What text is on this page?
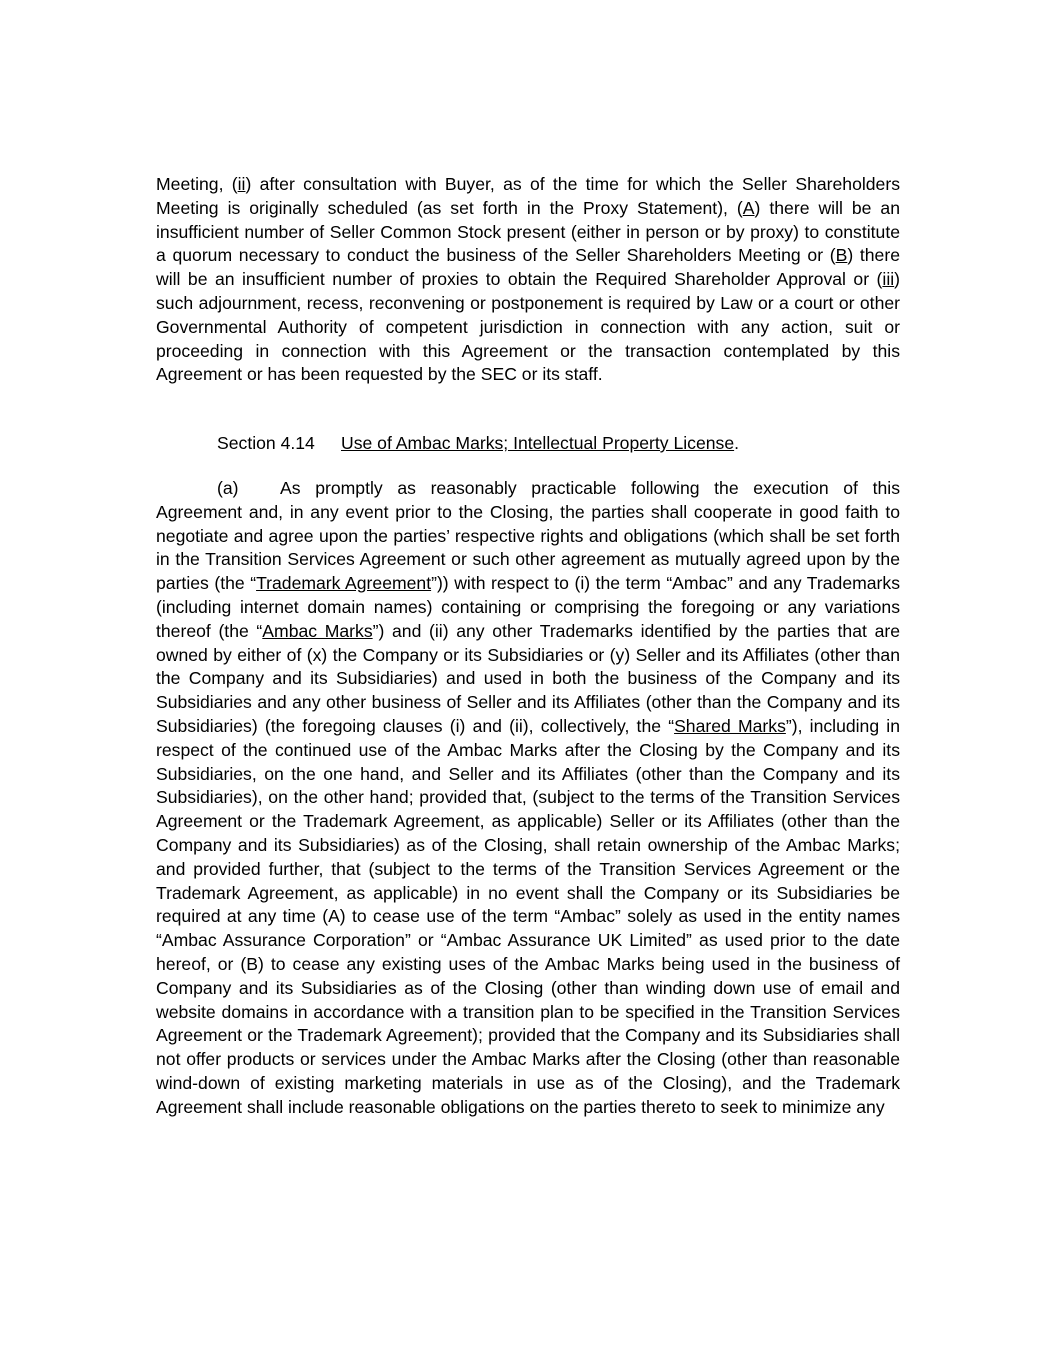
Meeting, (ii) after consultation with Buyer, as of the time for which the Seller Shareholders Meeting is originally scheduled (as set forth in the Proxy Statement), (A) there will be an insufficient number of Seller Common Stock present (either in person or by proxy) to constitute a quorum necessary to conduct the business of the Seller Shareholders Meeting or (B) there will be an insufficient number of proxies to obtain the Required Shareholder Approval or (iii) such adjournment, recess, reconvening or postponement is required by Law or a court or other Governmental Authority of competent jurisdiction in connection with any action, suit or proceeding in connection with this Agreement or the transaction contemplated by this Agreement or has been requested by the SEC or its staff.

Section 4.14 Use of Ambac Marks; Intellectual Property License.

(a) As promptly as reasonably practicable following the execution of this Agreement and, in any event prior to the Closing, the parties shall cooperate in good faith to negotiate and agree upon the parties’ respective rights and obligations (which shall be set forth in the Transition Services Agreement or such other agreement as mutually agreed upon by the parties (the “Trademark Agreement”)) with respect to (i) the term “Ambac” and any Trademarks (including internet domain names) containing or comprising the foregoing or any variations thereof (the “Ambac Marks”) and (ii) any other Trademarks identified by the parties that are owned by either of (x) the Company or its Subsidiaries or (y) Seller and its Affiliates (other than the Company and its Subsidiaries) and used in both the business of the Company and its Subsidiaries and any other business of Seller and its Affiliates (other than the Company and its Subsidiaries) (the foregoing clauses (i) and (ii), collectively, the “Shared Marks”), including in respect of the continued use of the Ambac Marks after the Closing by the Company and its Subsidiaries, on the one hand, and Seller and its Affiliates (other than the Company and its Subsidiaries), on the other hand; provided that, (subject to the terms of the Transition Services Agreement or the Trademark Agreement, as applicable) Seller or its Affiliates (other than the Company and its Subsidiaries) as of the Closing, shall retain ownership of the Ambac Marks; and provided further, that (subject to the terms of the Transition Services Agreement or the Trademark Agreement, as applicable) in no event shall the Company or its Subsidiaries be required at any time (A) to cease use of the term “Ambac” solely as used in the entity names “Ambac Assurance Corporation” or “Ambac Assurance UK Limited” as used prior to the date hereof, or (B) to cease any existing uses of the Ambac Marks being used in the business of Company and its Subsidiaries as of the Closing (other than winding down use of email and website domains in accordance with a transition plan to be specified in the Transition Services Agreement or the Trademark Agreement); provided that the Company and its Subsidiaries shall not offer products or services under the Ambac Marks after the Closing (other than reasonable wind-down of existing marketing materials in use as of the Closing), and the Trademark Agreement shall include reasonable obligations on the parties thereto to seek to minimize any
